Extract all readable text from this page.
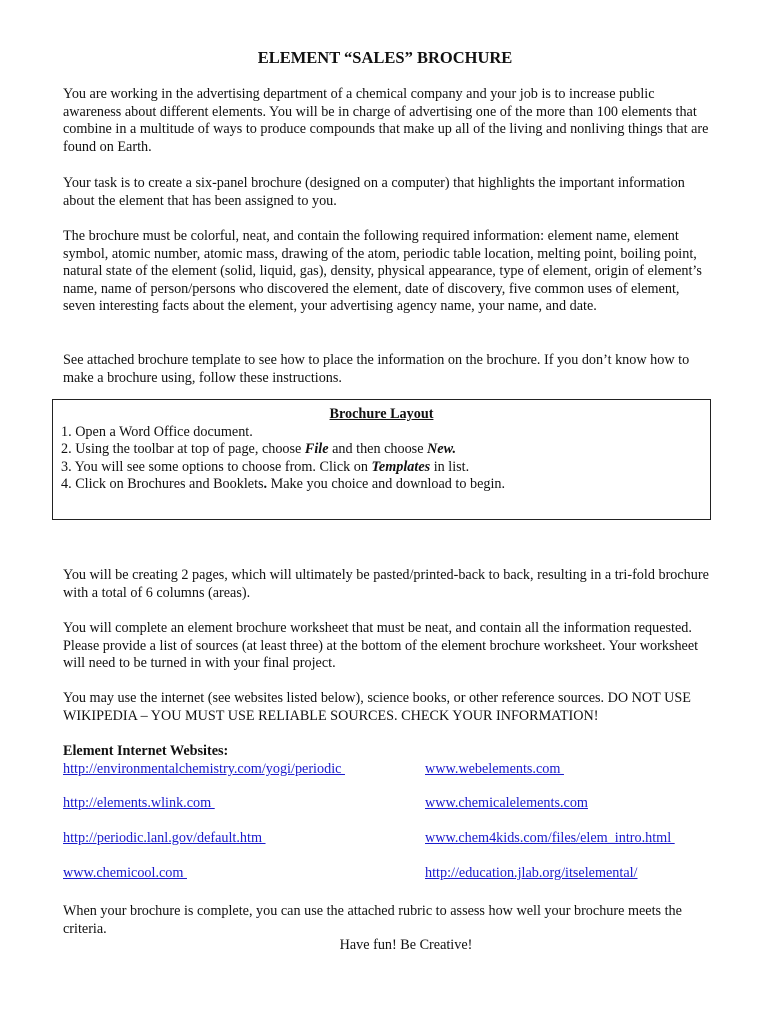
ELEMENT “SALES” BROCHURE

You are working in the advertising department of a chemical company and your job is to increase public awareness about different elements. You will be in charge of advertising one of the more than 100 elements that combine in a multitude of ways to produce compounds that make up all of the living and nonliving things that are found on Earth.

Your task is to create a six-panel brochure (designed on a computer) that highlights the important information about the element that has been assigned to you.

The brochure must be colorful, neat, and contain the following required information: element name, element symbol, atomic number, atomic mass, drawing of the atom, periodic table location, melting point, boiling point, natural state of the element (solid, liquid, gas), density, physical appearance, type of element, origin of element’s name, name of person/persons who discovered the element, date of discovery, five common uses of element, seven interesting facts about the element, your advertising agency name, your name, and date.

See attached brochure template to see how to place the information on the brochure. If you don’t know how to make a brochure using, follow these instructions.

Brochure Layout
1. Open a Word Office document.
2. Using the toolbar at top of page, choose File and then choose New.
3. You will see some options to choose from. Click on Templates in list.
4. Click on Brochures and Booklets. Make you choice and download to begin.

You will be creating 2 pages, which will ultimately be pasted/printed-back to back, resulting in a tri-fold brochure with a total of 6 columns (areas).

You will complete an element brochure worksheet that must be neat, and contain all the information requested. Please provide a list of sources (at least three) at the bottom of the element brochure worksheet. Your worksheet will need to be turned in with your final project.

You may use the internet (see websites listed below), science books, or other reference sources. DO NOT USE WIKIPEDIA – YOU MUST USE RELIABLE SOURCES. CHECK YOUR INFORMATION!

Element Internet Websites:
http://environmentalchemistry.com/yogi/periodic	www.webelements.com
http://elements.wlink.com	www.chemicalelements.com
http://periodic.lanl.gov/default.htm	www.chem4kids.com/files/elem_intro.html
www.chemicool.com	http://education.jlab.org/itselemental/

When your brochure is complete, you can use the attached rubric to assess how well your brochure meets the criteria.

Have fun! Be Creative!
